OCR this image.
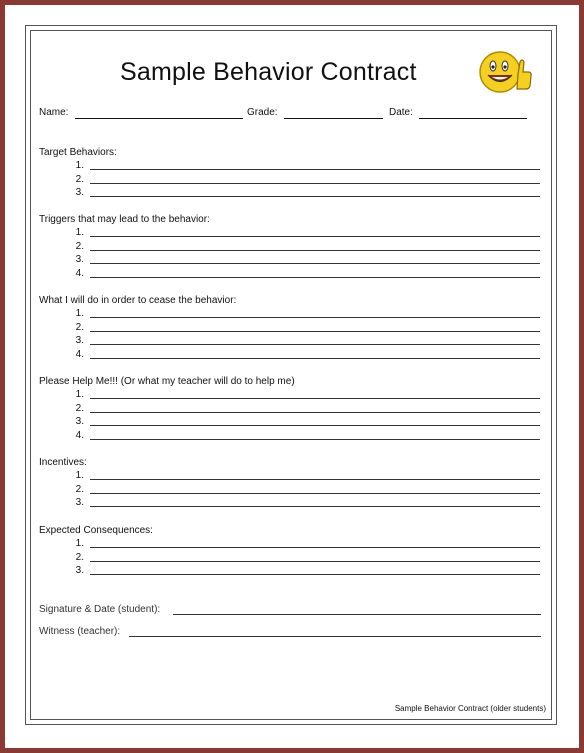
Sample Behavior Contract
Name:	Grade:	Date:
Target Behaviors:
1.
2.
3.
Triggers that may lead to the behavior:
1.
2.
3.
4.
What I will do in order to cease the behavior:
1.
2.
3.
4.
Please Help Me!!! (Or what my teacher will do to help me)
1.
2.
3.
4.
Incentives:
1.
2.
3.
Expected Consequences:
1.
2.
3.
Signature & Date (student):
Witness (teacher):
Sample Behavior Contract (older students)
